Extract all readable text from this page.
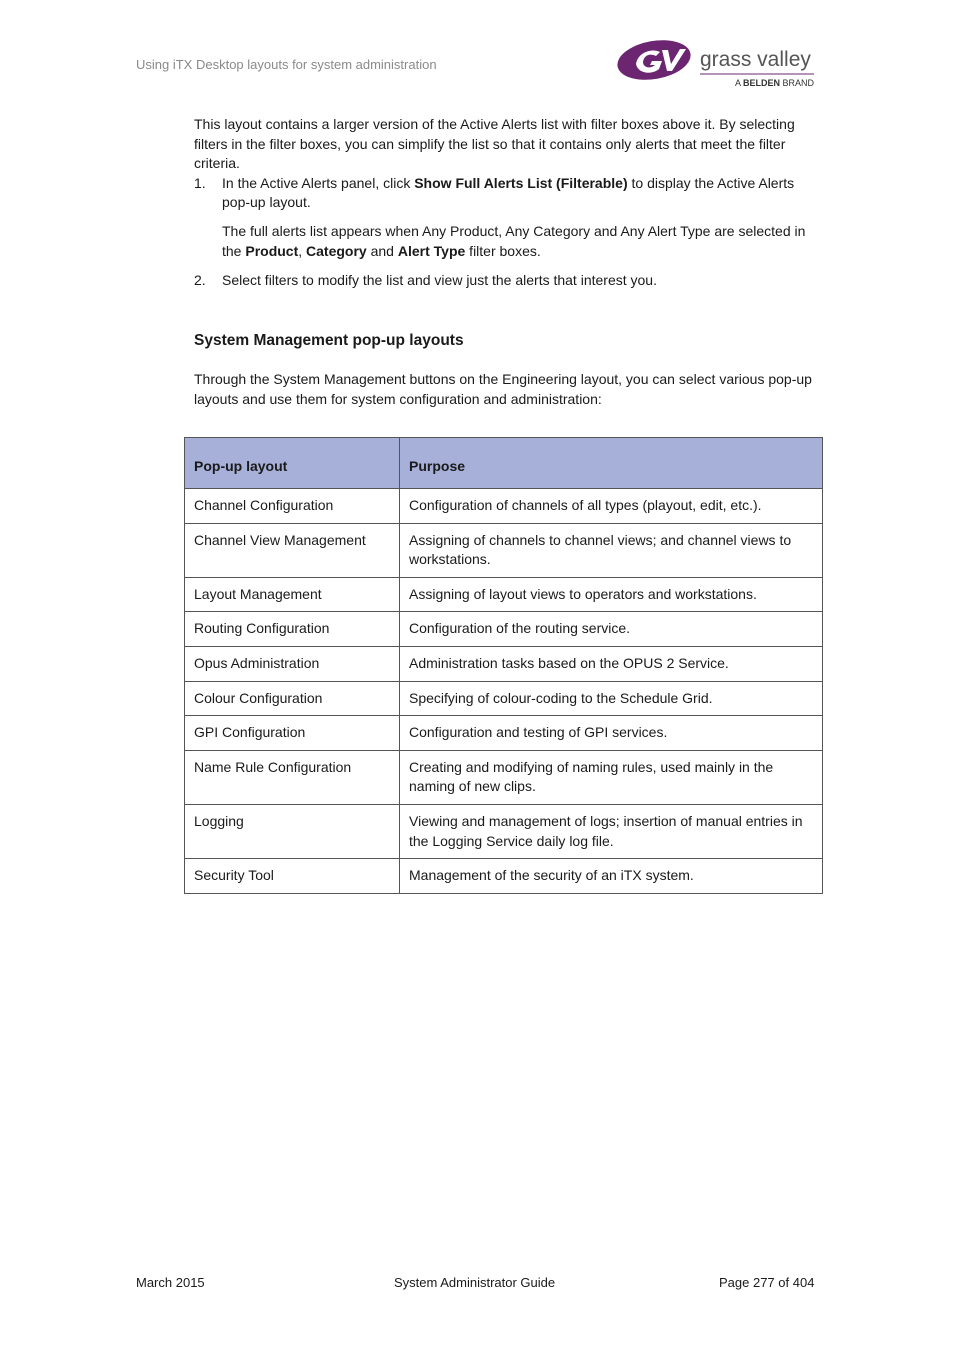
Using iTX Desktop layouts for system administration	grass valley
A BELDEN BRAND

This layout contains a larger version of the Active Alerts list with filter boxes above it. By selecting filters in the filter boxes, you can simplify the list so that it contains only alerts that meet the filter criteria.

1. In the Active Alerts panel, click Show Full Alerts List (Filterable) to display the Active Alerts pop-up layout.

The full alerts list appears when Any Product, Any Category and Any Alert Type are selected in the Product, Category and Alert Type filter boxes.

2. Select filters to modify the list and view just the alerts that interest you.
System Management pop-up layouts

Through the System Management buttons on the Engineering layout, you can select various pop-up layouts and use them for system configuration and administration:

Pop-up layout	Purpose
Channel Configuration	Configuration of channels of all types (playout, edit, etc.).
Channel View Management	Assigning of channels to channel views; and channel views to workstations.
Layout Management	Assigning of layout views to operators and workstations.
Routing Configuration	Configuration of the routing service.
Opus Administration	Administration tasks based on the OPUS 2 Service.
Colour Configuration	Specifying of colour-coding to the Schedule Grid.
GPI Configuration	Configuration and testing of GPI services.
Name Rule Configuration	Creating and modifying of naming rules, used mainly in the naming of new clips.
Logging	Viewing and management of logs; insertion of manual entries in the Logging Service daily log file.
Security Tool	Management of the security of an iTX system.
March 2015	System Administrator Guide	Page 277 of 404
